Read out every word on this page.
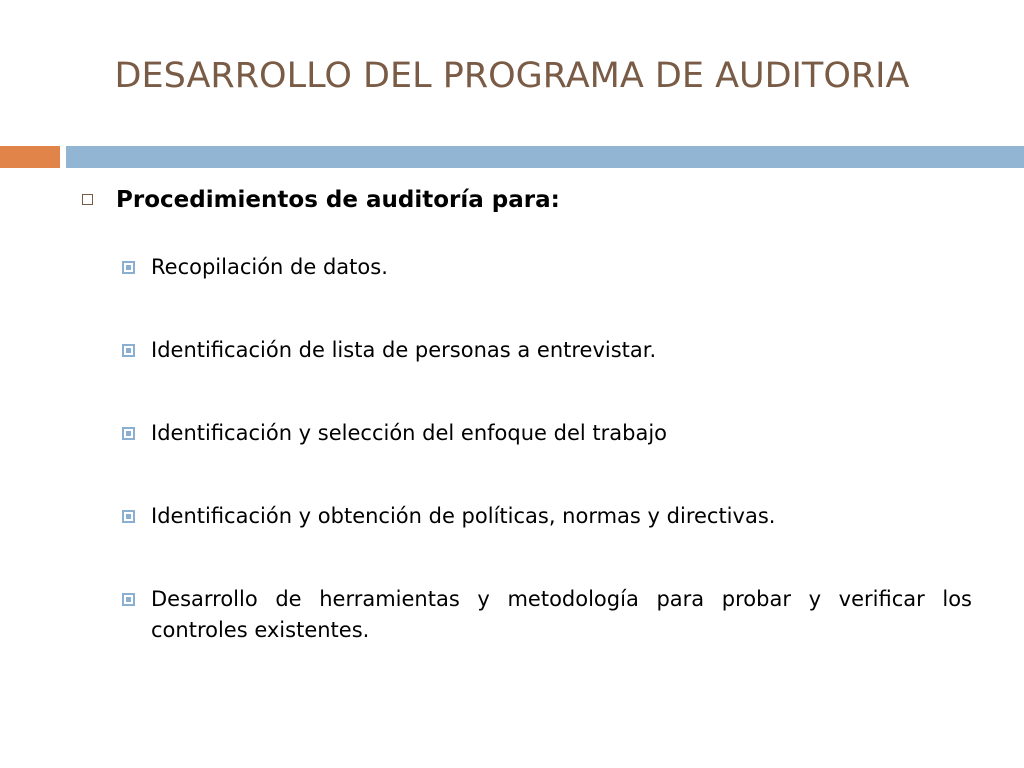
DESARROLLO DEL PROGRAMA DE AUDITORIA
Procedimientos de auditoría para:
Recopilación de datos.
Identificación de lista de personas a entrevistar.
Identificación y selección del enfoque del trabajo
Identificación y obtención de políticas, normas y directivas.
Desarrollo de herramientas y metodología para probar y verificar los controles existentes.
